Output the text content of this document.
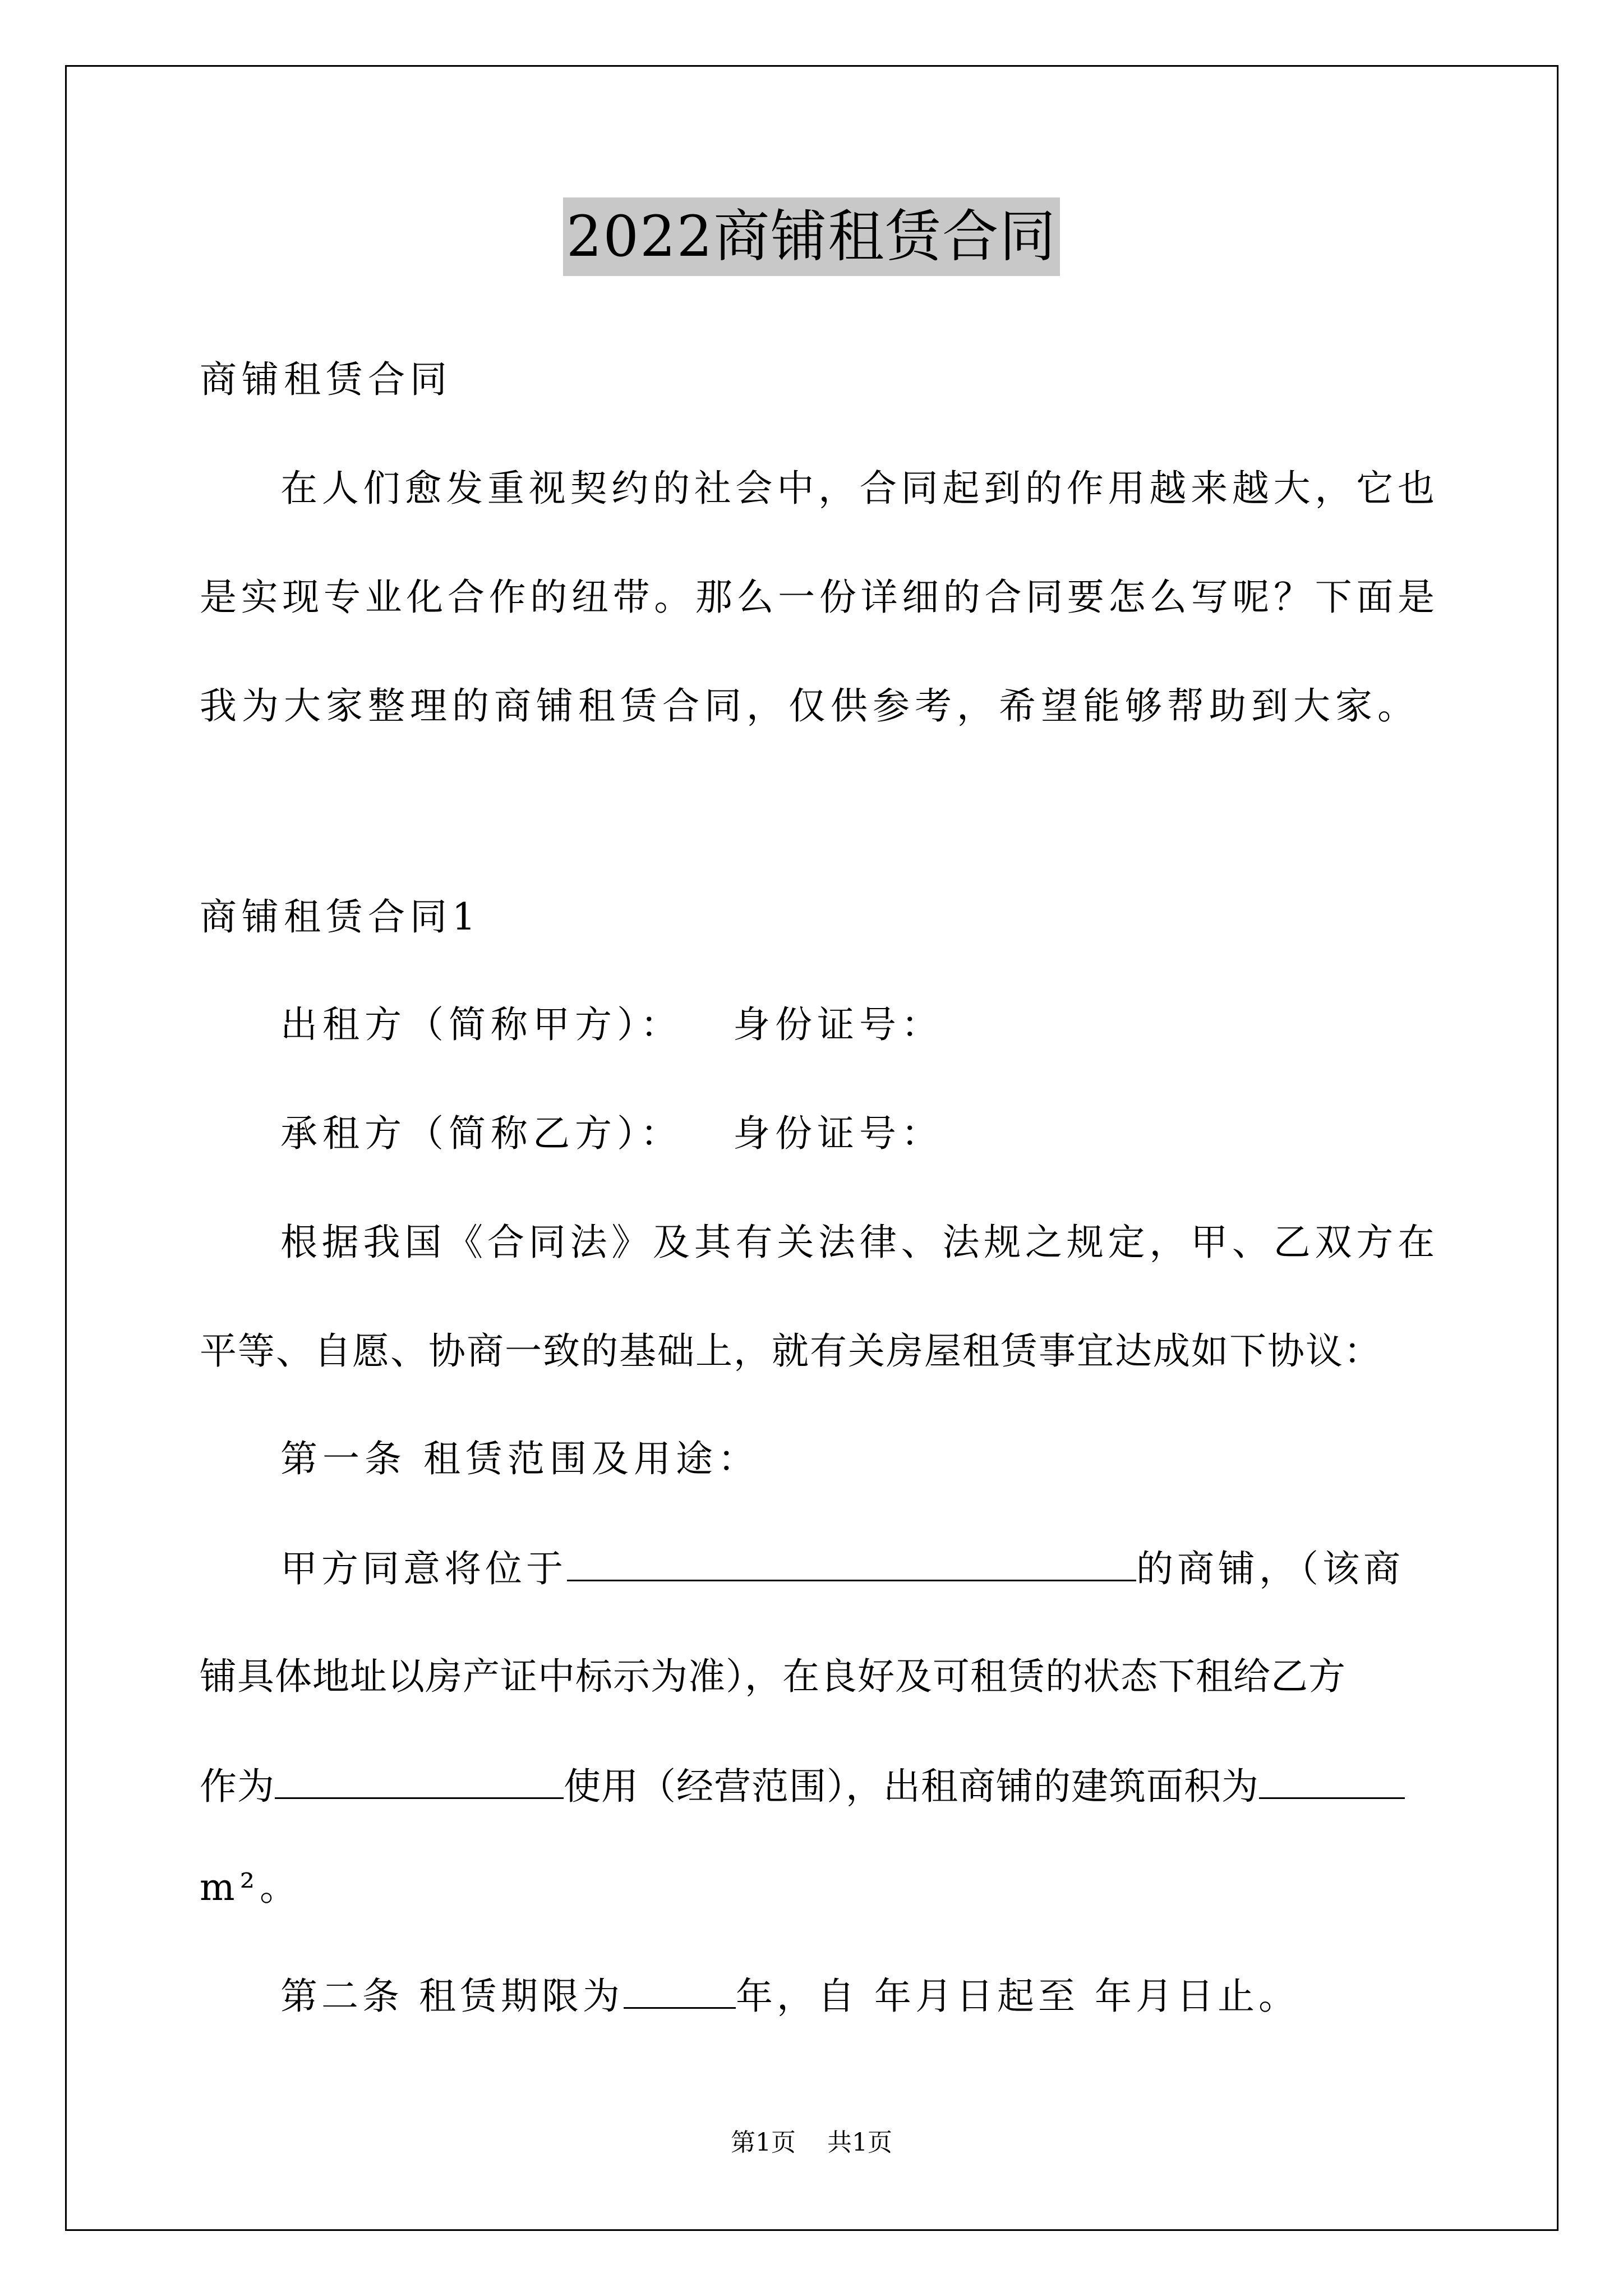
2022商铺租赁合同
商铺租赁合同
在人们愈发重视契约的社会中，合同起到的作用越来越大，它也
是实现专业化合作的纽带。那么一份详细的合同要怎么写呢？下面是
我为大家整理的商铺租赁合同，仅供参考，希望能够帮助到大家。
商铺租赁合同1
出租方（简称甲方）： 身份证号：
承租方（简称乙方）： 身份证号：
根据我国《合同法》及其有关法律、法规之规定，甲、乙双方在
平等、自愿、协商一致的基础上，就有关房屋租赁事宜达成如下协议：
第一条 租赁范围及用途：
甲方同意将位于	的商铺，（该商
铺具体地址以房产证中标示为准），在良好及可租赁的状态下租给乙方
作为	使用（经营范围），出租商铺的建筑面积为
m²。
第二条 租赁期限为	年，自 年月日起至 年月日止。
第1页    共1页
